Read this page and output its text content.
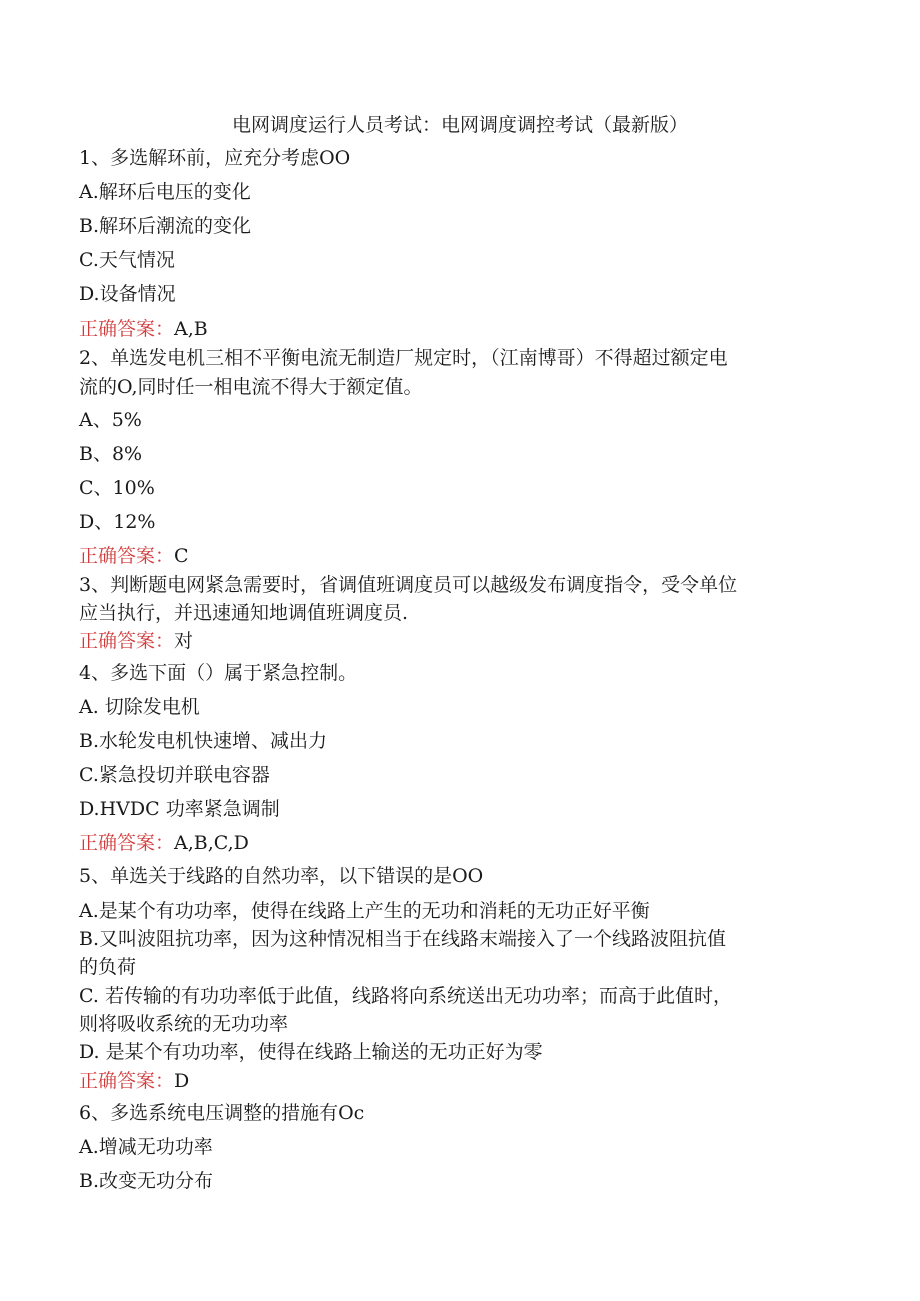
电网调度运行人员考试：电网调度调控考试（最新版）
1、多选解环前，应充分考虑OO
A.解环后电压的变化
B.解环后潮流的变化
C.天气情况
D.设备情况
正确答案：A,B
2、单选发电机三相不平衡电流无制造厂规定时，（江南博哥）不得超过额定电
流的O,同时任一相电流不得大于额定值。
A、5%
B、8%
C、10%
D、12%
正确答案：C
3、判断题电网紧急需要时，省调值班调度员可以越级发布调度指令，受令单位
应当执行，并迅速通知地调值班调度员.
正确答案：对
4、多选下面（）属于紧急控制。
A. 切除发电机
B.水轮发电机快速增、减出力
C.紧急投切并联电容器
D.HVDC 功率紧急调制
正确答案：A,B,C,D
5、单选关于线路的自然功率，以下错误的是OO
A.是某个有功功率，使得在线路上产生的无功和消耗的无功正好平衡
B.又叫波阻抗功率，因为这种情况相当于在线路末端接入了一个线路波阻抗值
的负荷
C. 若传输的有功功率低于此值，线路将向系统送出无功功率；而高于此值时，
则将吸收系统的无功功率
D. 是某个有功功率，使得在线路上输送的无功正好为零
正确答案：D
6、多选系统电压调整的措施有Oc
A.增减无功功率
B.改变无功分布
